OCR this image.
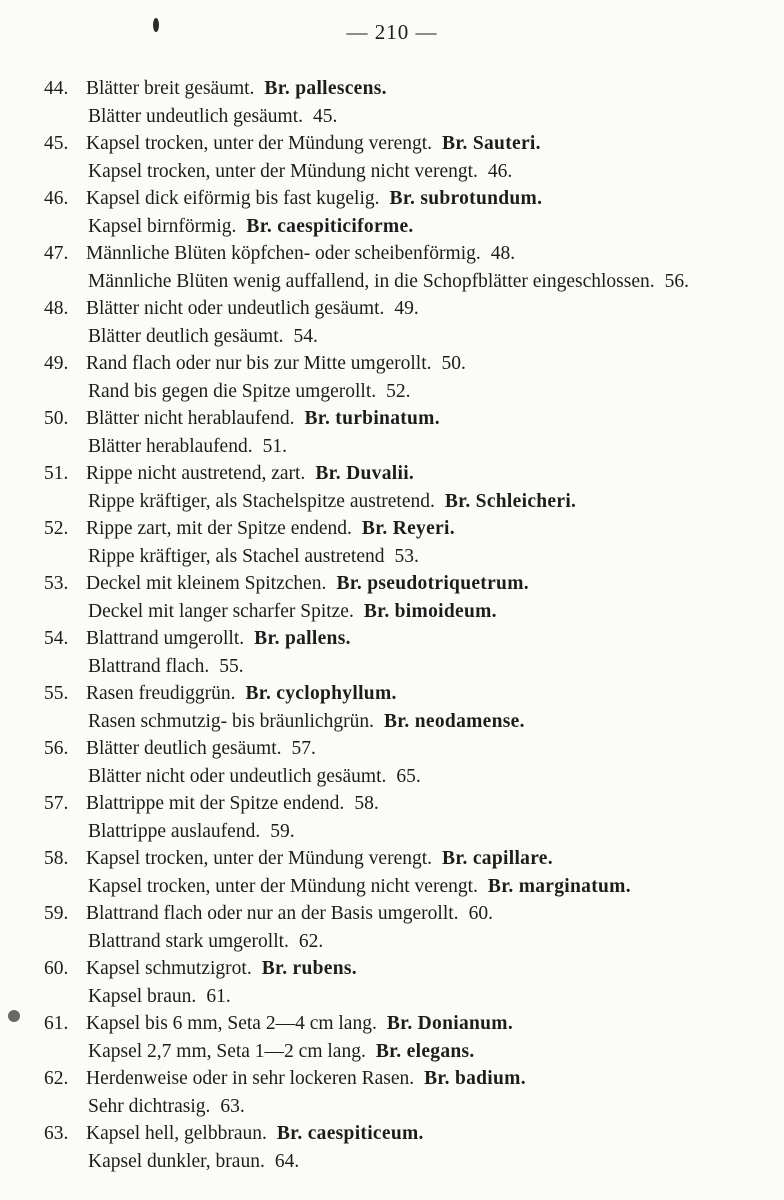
— 210 —
44. Blätter breit gesäumt. Br. pallescens.
Blätter undeutlich gesäumt. 45.
45. Kapsel trocken, unter der Mündung verengt. Br. Sauteri.
Kapsel trocken, unter der Mündung nicht verengt. 46.
46. Kapsel dick eiförmig bis fast kugelig. Br. subrotundum.
Kapsel birnförmig. Br. caespiticiforme.
47. Männliche Blüten köpfchen- oder scheibenförmig. 48.
Männliche Blüten wenig auffallend, in die Schopfblätter eingeschlossen. 56.
48. Blätter nicht oder undeutlich gesäumt. 49.
Blätter deutlich gesäumt. 54.
49. Rand flach oder nur bis zur Mitte umgerollt. 50.
Rand bis gegen die Spitze umgerollt. 52.
50. Blätter nicht herablaufend. Br. turbinatum.
Blätter herablaufend. 51.
51. Rippe nicht austretend, zart. Br. Duvalii.
Rippe kräftiger, als Stachelspitze austretend. Br. Schleicheri.
52. Rippe zart, mit der Spitze endend. Br. Reyeri.
Rippe kräftiger, als Stachel austretend 53.
53. Deckel mit kleinem Spitzchen. Br. pseudotriquetrum.
Deckel mit langer scharfer Spitze. Br. bimoideum.
54. Blattrand umgerollt. Br. pallens.
Blattrand flach. 55.
55. Rasen freudiggrün. Br. cyclophyllum.
Rasen schmutzig- bis bräunlichgrün. Br. neodamense.
56. Blätter deutlich gesäumt. 57.
Blätter nicht oder undeutlich gesäumt. 65.
57. Blattrippe mit der Spitze endend. 58.
Blattrippe auslaufend. 59.
58. Kapsel trocken, unter der Mündung verengt. Br. capillare.
Kapsel trocken, unter der Mündung nicht verengt. Br. marginatum.
59. Blattrand flach oder nur an der Basis umgerollt. 60.
Blattrand stark umgerollt. 62.
60. Kapsel schmutzigrot. Br. rubens.
Kapsel braun. 61.
61. Kapsel bis 6 mm, Seta 2—4 cm lang. Br. Donianum.
Kapsel 2,7 mm, Seta 1—2 cm lang. Br. elegans.
62. Herdenweise oder in sehr lockeren Rasen. Br. badium.
Sehr dichtrasig. 63.
63. Kapsel hell, gelbbraun. Br. caespiticeum.
Kapsel dunkler, braun. 64.
